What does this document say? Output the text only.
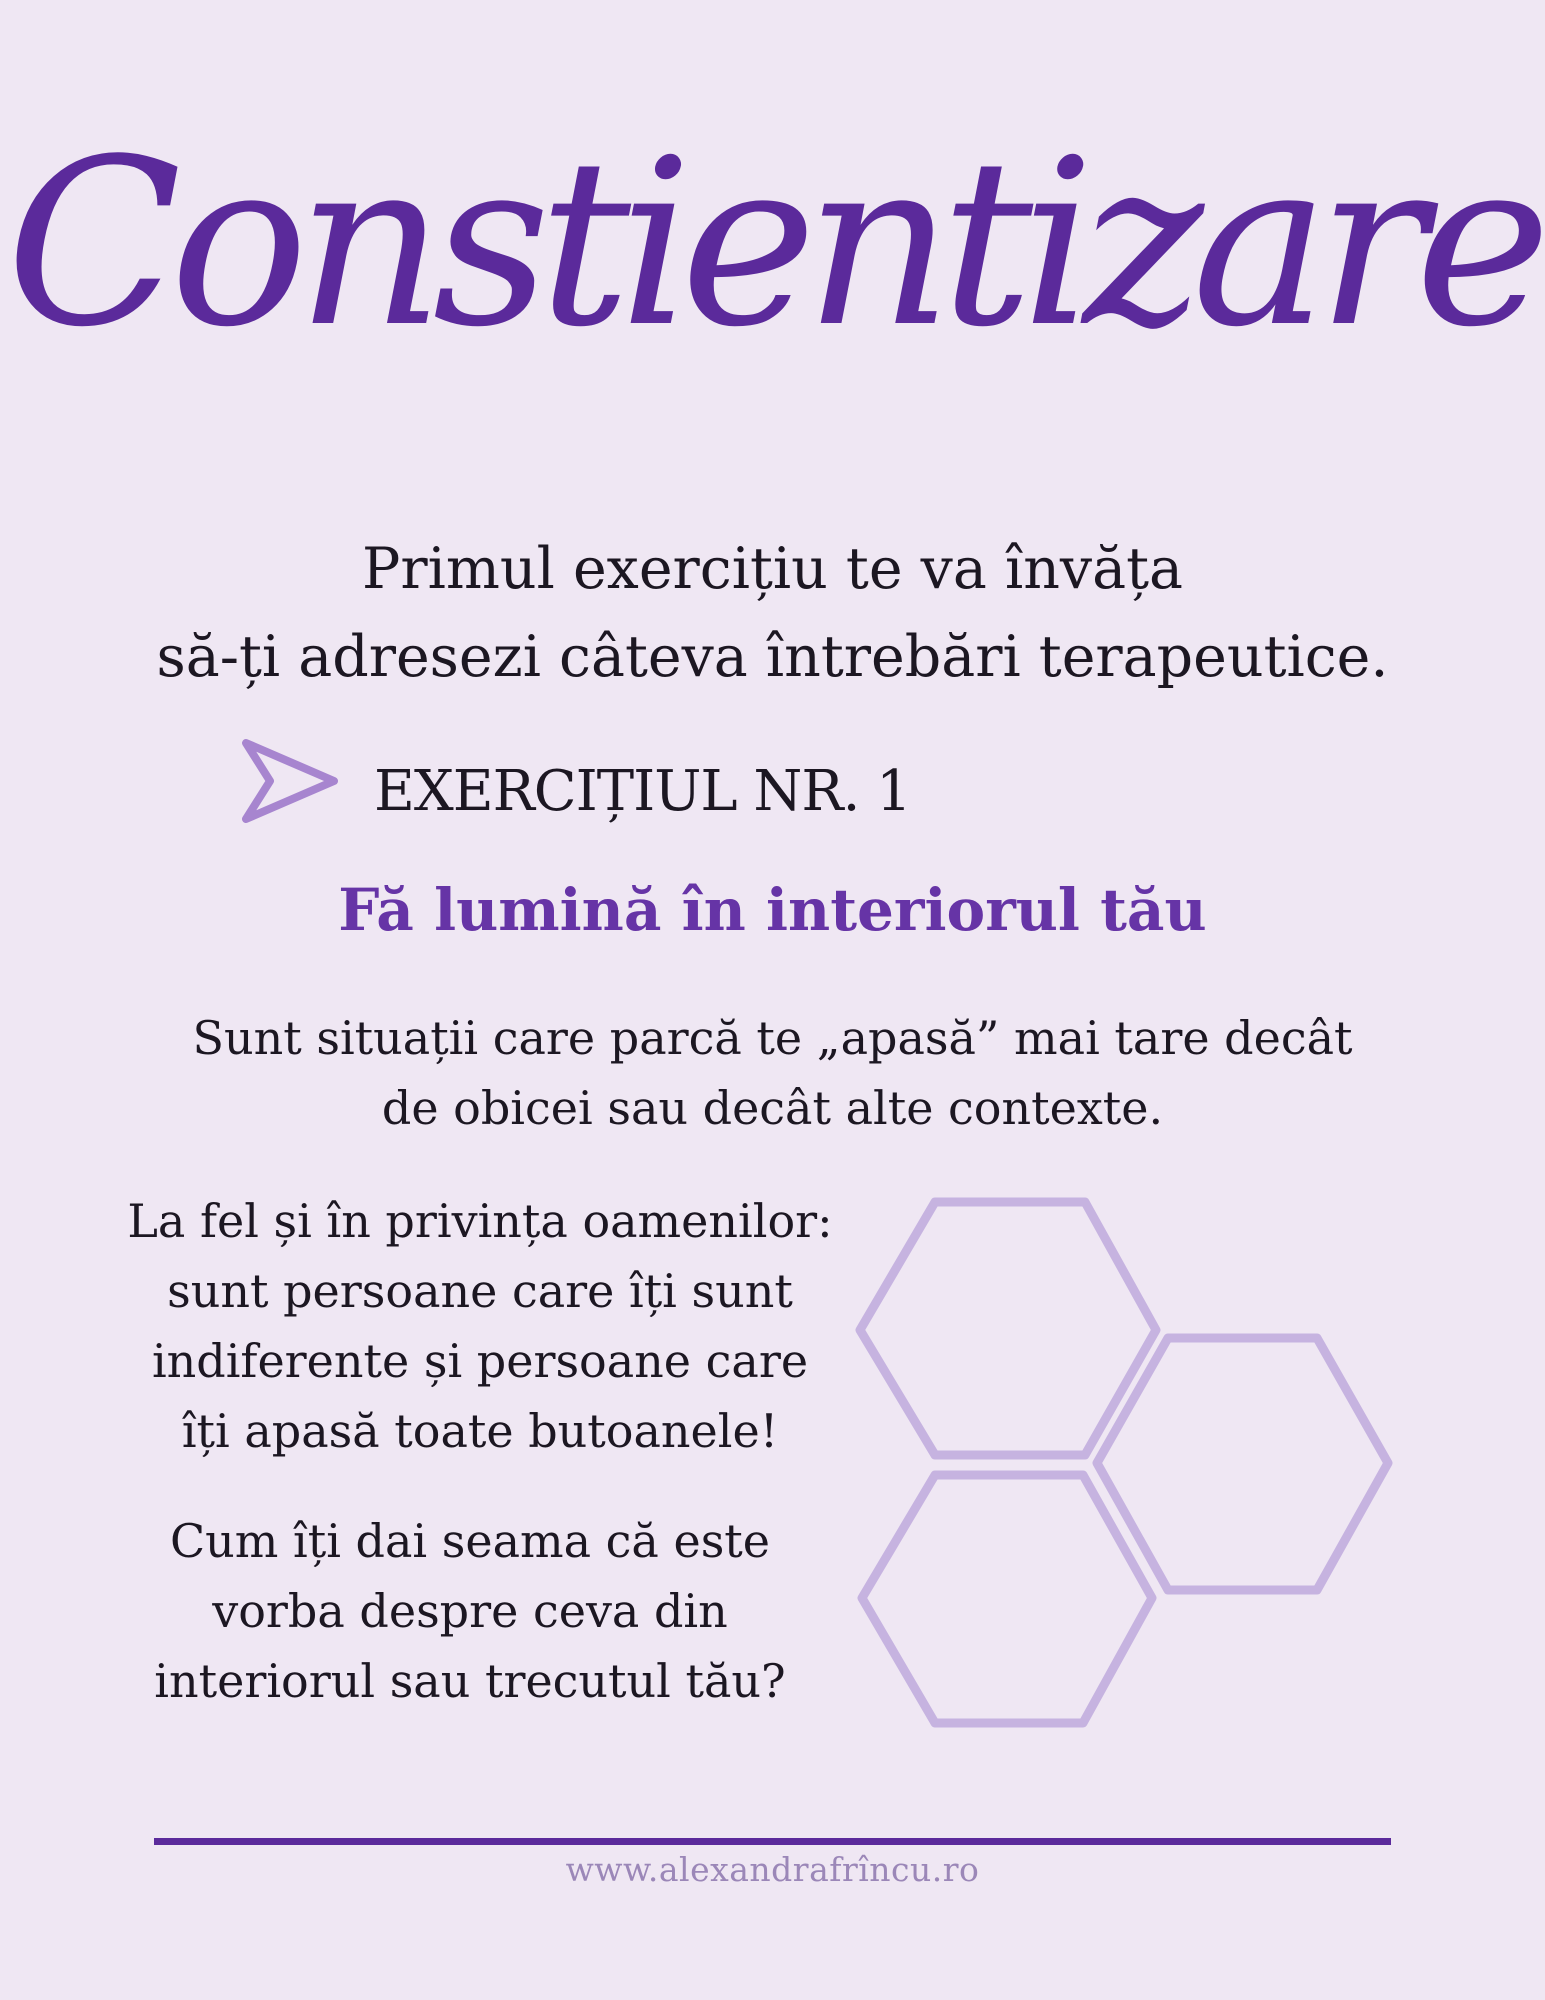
Constientizare
Primul exercițiu te va învăța
să-ți adresezi câteva întrebări terapeutice.
EXERCIȚIUL NR. 1
Fă lumină în interiorul tău
Sunt situații care parcă te „apasă” mai tare decât
de obicei sau decât alte contexte.
La fel și în privința oamenilor:
sunt persoane care îți sunt
indiferente și persoane care
îți apasă toate butoanele!
Cum îți dai seama că este
vorba despre ceva din
interiorul sau trecutul tău?
www.alexandrafrîncu.ro
